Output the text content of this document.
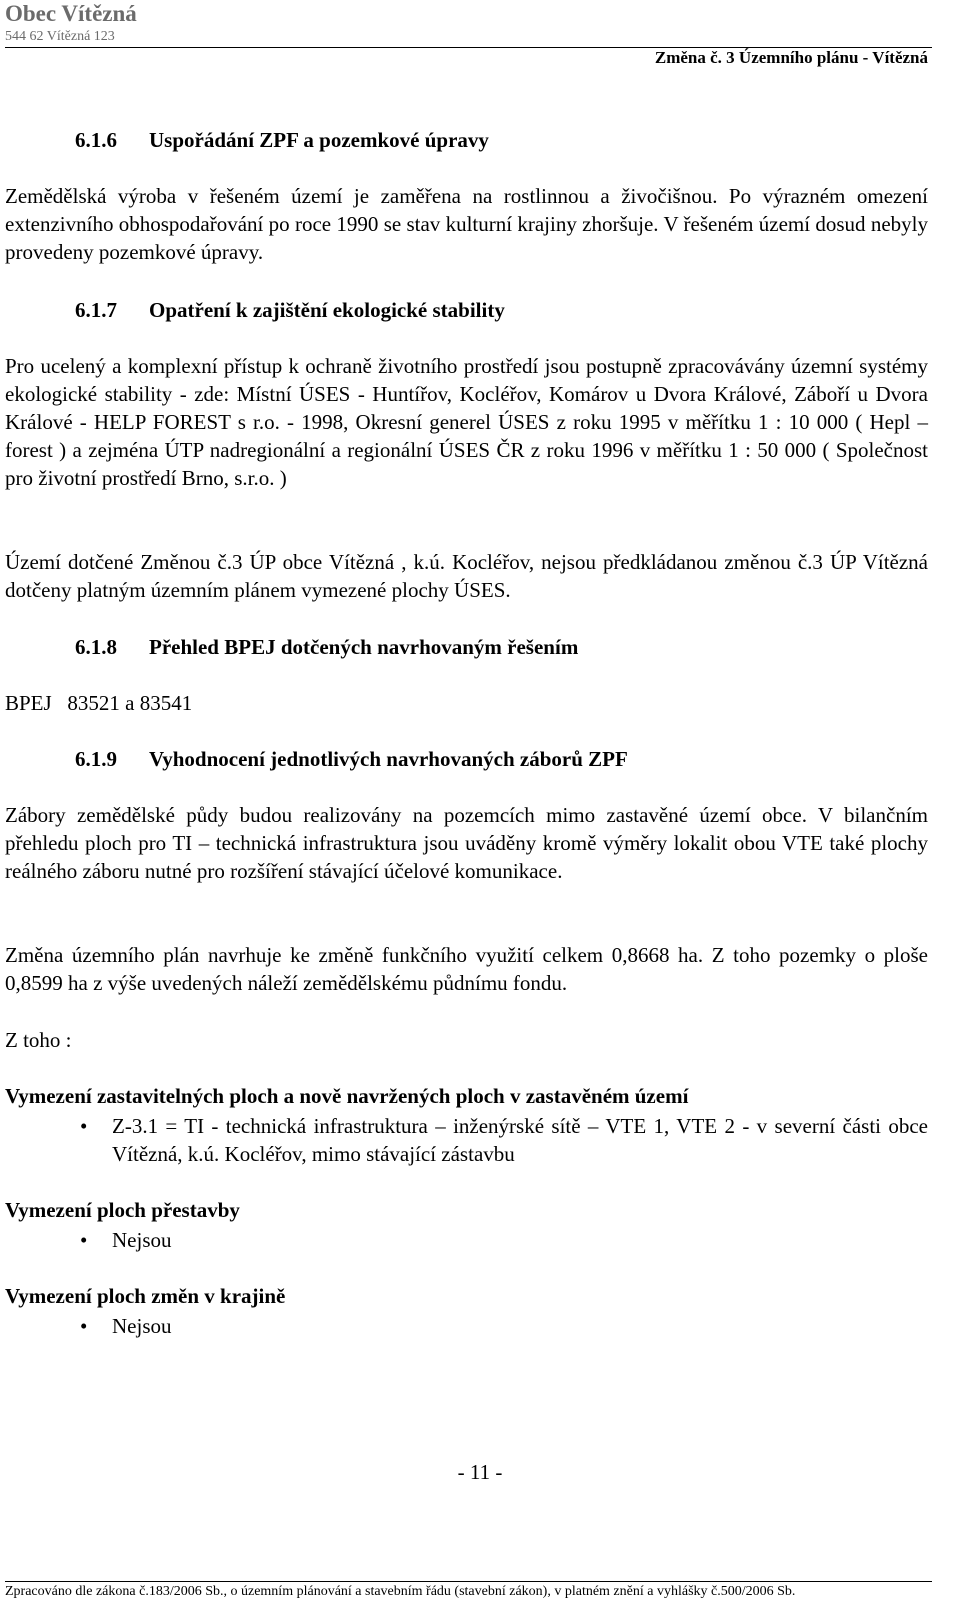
Obec Vítězná
544 62 Vítězná 123
Změna č. 3 Územního plánu - Vítězná
6.1.6 Uspořádání ZPF a pozemkové úpravy

Zemědělská výroba v řešeném území je zaměřena na rostlinnou a živočišnou. Po výrazném omezení extenzivního obhospodařování po roce 1990 se stav kulturní krajiny zhoršuje. V řešeném území dosud nebyly provedeny pozemkové úpravy.

6.1.7 Opatření k zajištění ekologické stability

Pro ucelený a komplexní přístup k ochraně životního prostředí jsou postupně zpracovávány územní systémy ekologické stability - zde: Místní ÚSES - Huntířov, Kocléřov, Komárov u Dvora Králové, Záboří u Dvora Králové - HELP FOREST s r.o. - 1998, Okresní generel ÚSES z roku 1995 v měřítku 1 : 10 000 ( Hepl – forest ) a zejména ÚTP nadregionální a regionální ÚSES ČR z roku 1996 v měřítku 1 : 50 000 ( Společnost pro životní prostředí Brno, s.r.o. )

Území dotčené Změnou č.3 ÚP obce Vítězná , k.ú. Kocléřov, nejsou předkládanou změnou č.3 ÚP Vítězná dotčeny platným územním plánem vymezené plochy ÚSES.

6.1.8 Přehled BPEJ dotčených navrhovaným řešením

BPEJ   83521 a 83541

6.1.9 Vyhodnocení jednotlivých navrhovaných záborů ZPF

Zábory zemědělské půdy budou realizovány na pozemcích mimo zastavěné území obce. V bilančním přehledu ploch pro TI – technická infrastruktura jsou uváděny kromě výměry lokalit obou VTE také plochy reálného záboru nutné pro rozšíření stávající účelové komunikace.

Změna územního plán navrhuje ke změně funkčního využití celkem 0,8668 ha. Z toho pozemky o ploše 0,8599 ha z výše uvedených náleží zemědělskému půdnímu fondu.

Z toho :

Vymezení zastavitelných ploch a nově navržených ploch v zastavěném území
• Z-3.1 = TI - technická infrastruktura – inženýrské sítě – VTE 1, VTE 2 - v severní části obce Vítězná, k.ú. Kocléřov, mimo stávající zástavbu
Vymezení ploch přestavby
• Nejsou
Vymezení ploch změn v krajině
• Nejsou
- 11 -
Zpracováno dle zákona č.183/2006 Sb., o územním plánování a stavebním řádu (stavební zákon), v platném znění a vyhlášky č.500/2006 Sb.
